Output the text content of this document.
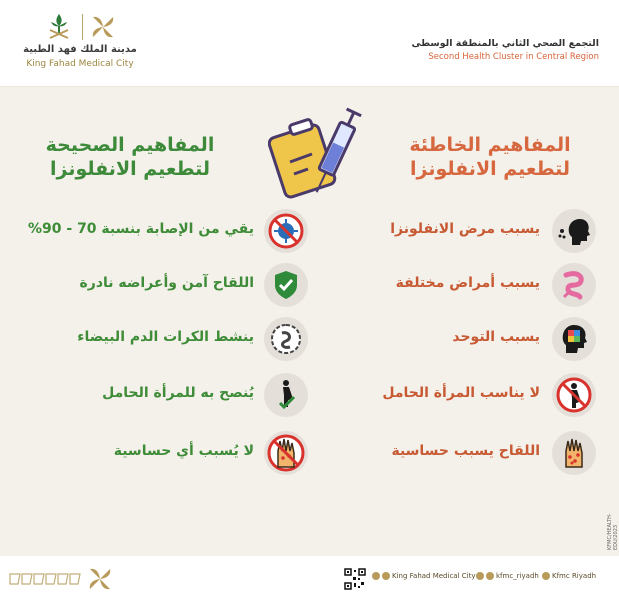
مدينة الملك فهد الطبية
King Fahad Medical City
التجمع الصحي الثاني بالمنطقة الوسطى
Second Health Cluster in Central Region
المفاهيم الخاطئة
لتطعيم الانفلونزا
المفاهيم الصحيحة
لتطعيم الانفلونزا
يسبب مرض الانفلونزا
يسبب أمراض مختلفة
يسبب التوحد
لا يناسب المرأة الحامل
اللقاح يسبب حساسية
يقي من الإصابة بنسبة 70 - 90%
اللقاح آمن وأعراضه نادرة
ينشط الكرات الدم البيضاء
يُنصح به للمرأة الحامل
لا يُسبب أي حساسية
KFMC/HEALTH-EDU/2023
King Fahad Medical City	kfmc_riyadh	Kfmc Riyadh
